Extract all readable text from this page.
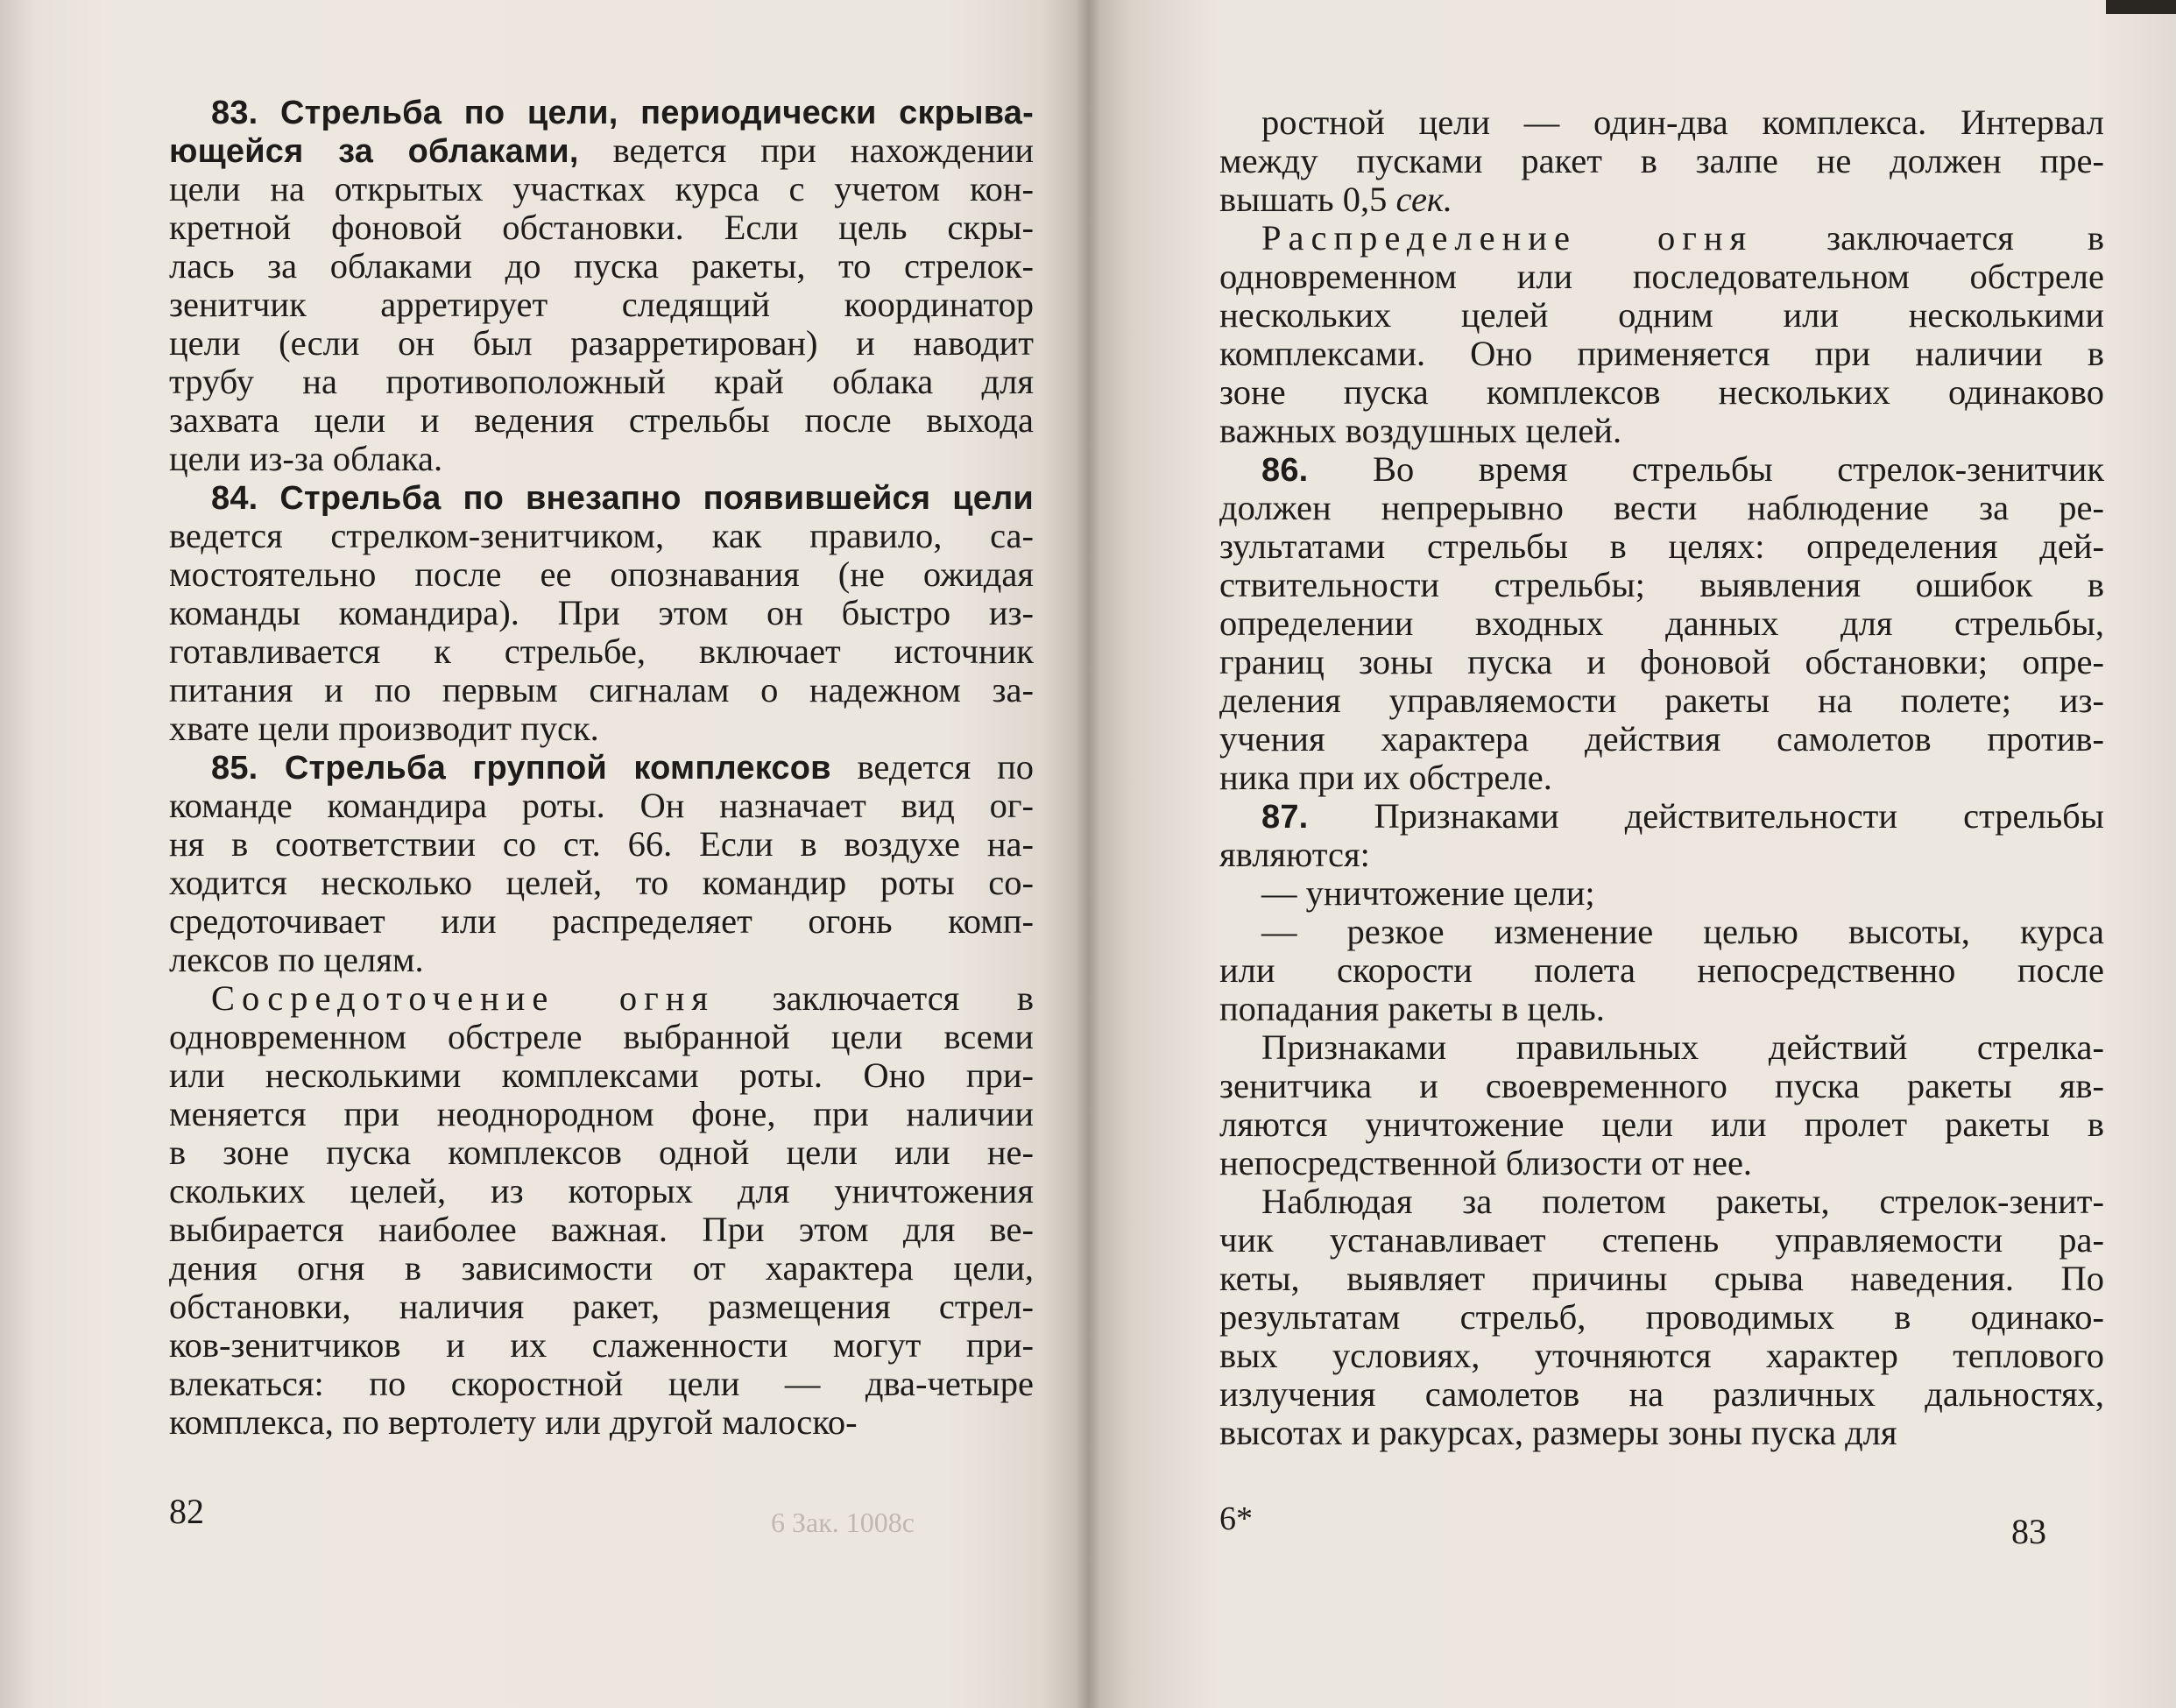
83. Стрельба по цели, периодически скрыва-
ющейся за облаками, ведется при нахождении
цели на открытых участках курса с учетом кон-
кретной фоновой обстановки. Если цель скры-
лась за облаками до пуска ракеты, то стрелок-
зенитчик арретирует следящий координатор
цели (если он был разарретирован) и наводит
трубу на противоположный край облака для
захвата цели и ведения стрельбы после выхода
цели из-за облака.
84. Стрельба по внезапно появившейся цели
ведется стрелком-зенитчиком, как правило, са-
мостоятельно после ее опознавания (не ожидая
команды командира). При этом он быстро из-
готавливается к стрельбе, включает источник
питания и по первым сигналам о надежном за-
хвате цели производит пуск.
85. Стрельба группой комплексов ведется по
команде командира роты. Он назначает вид ог-
ня в соответствии со ст. 66. Если в воздухе на-
ходится несколько целей, то командир роты со-
средоточивает или распределяет огонь комп-
лексов по целям.
Сосредоточение огня заключается в
одновременном обстреле выбранной цели всеми
или несколькими комплексами роты. Оно при-
меняется при неоднородном фоне, при наличии
в зоне пуска комплексов одной цели или не-
скольких целей, из которых для уничтожения
выбирается наиболее важная. При этом для ве-
дения огня в зависимости от характера цели,
обстановки, наличия ракет, размещения стрел-
ков-зенитчиков и их слаженности могут при-
влекаться: по скоростной цели — два-четыре
комплекса, по вертолету или другой малоско-
6 Зак. 1008с
82
ростной цели — один-два комплекса. Интервал
между пусками ракет в залпе не должен пре-
вышать 0,5 сек.
Распределение огня заключается в
одновременном или последовательном обстреле
нескольких целей одним или несколькими
комплексами. Оно применяется при наличии в
зоне пуска комплексов нескольких одинаково
важных воздушных целей.
86. Во время стрельбы стрелок-зенитчик
должен непрерывно вести наблюдение за ре-
зультатами стрельбы в целях: определения дей-
ствительности стрельбы; выявления ошибок в
определении входных данных для стрельбы,
границ зоны пуска и фоновой обстановки; опре-
деления управляемости ракеты на полете; из-
учения характера действия самолетов против-
ника при их обстреле.
87. Признаками действительности стрельбы
являются:
— уничтожение цели;
— резкое изменение целью высоты, курса
или скорости полета непосредственно после
попадания ракеты в цель.
Признаками правильных действий стрелка-
зенитчика и своевременного пуска ракеты яв-
ляются уничтожение цели или пролет ракеты в
непосредственной близости от нее.
Наблюдая за полетом ракеты, стрелок-зенит-
чик устанавливает степень управляемости ра-
кеты, выявляет причины срыва наведения. По
результатам стрельб, проводимых в одинако-
вых условиях, уточняются характер теплового
излучения самолетов на различных дальностях,
высотах и ракурсах, размеры зоны пуска для
6*	83
